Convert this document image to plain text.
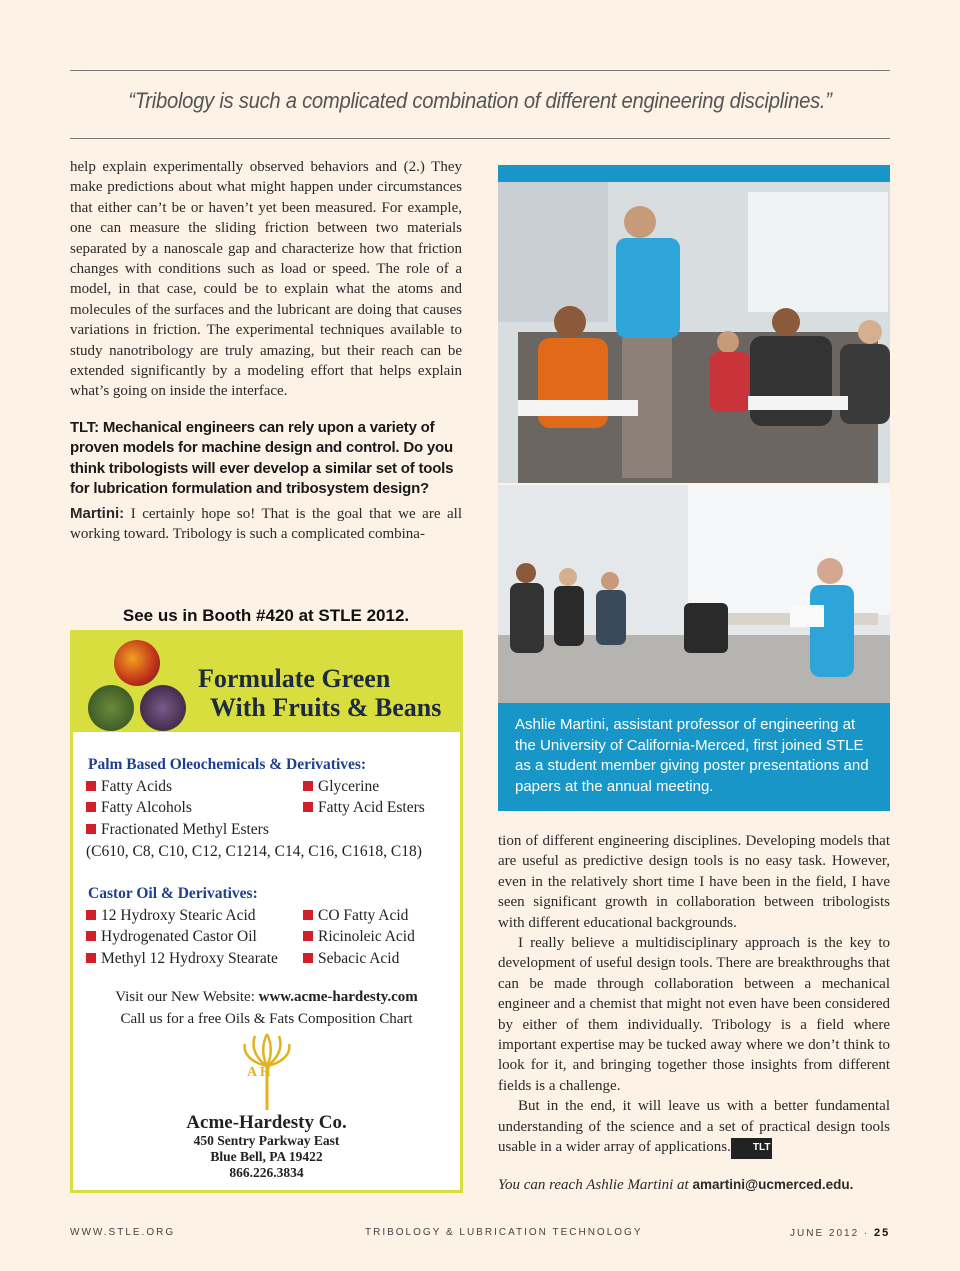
“Tribology is such a complicated combination of different engineering disciplines.”

help explain experimentally observed behaviors and (2.) They make predictions about what might happen under circumstances that either can’t be or haven’t yet been measured. For example, one can measure the sliding friction between two materials separated by a nanoscale gap and characterize how that friction changes with conditions such as load or speed. The role of a model, in that case, could be to explain what the atoms and molecules of the surfaces and the lubricant are doing that causes variations in friction. The experimental techniques available to study nanotribology are truly amazing, but their reach can be extended significantly by a modeling effort that helps explain what’s going on inside the interface.

TLT: Mechanical engineers can rely upon a variety of proven models for machine design and control. Do you think tribologists will ever develop a similar set of tools for lubrication formulation and tribosystem design?

Martini: I certainly hope so! That is the goal that we are all working toward. Tribology is such a complicated combina-

See us in Booth #420 at STLE 2012.
Formulate Green
With Fruits & Beans
Palm Based Oleochemicals & Derivatives:
Fatty Acids
Fatty Alcohols
Fractionated Methyl Esters
Glycerine
Fatty Acid Esters
(C610, C8, C10, C12, C1214, C14, C16, C1618, C18)
Castor Oil & Derivatives:
12 Hydroxy Stearic Acid
Hydrogenated Castor Oil
Methyl 12 Hydroxy Stearate
CO Fatty Acid
Ricinoleic Acid
Sebacic Acid
Visit our New Website: www.acme-hardesty.com
Call us for a free Oils & Fats Composition Chart
A H
Acme-Hardesty Co.
450 Sentry Parkway East
Blue Bell, PA 19422
866.226.3834
Ashlie Martini, assistant professor of engineering at the University of California-Merced, first joined STLE as a student member giving poster presentations and papers at the annual meeting.

tion of different engineering disciplines. Developing models that are useful as predictive design tools is no easy task. However, even in the relatively short time I have been in the field, I have seen significant growth in collaboration between tribologists with different educational backgrounds.

I really believe a multidisciplinary approach is the key to development of useful design tools. There are breakthroughs that can be made through collaboration between a mechanical engineer and a chemist that might not even have been considered by either of them individually. Tribology is a field where important expertise may be tucked away where we don’t think to look for it, and bringing together those insights from different fields is a challenge.

But in the end, it will leave us with a better fundamental understanding of the science and a set of practical design tools usable in a wider array of applications. TLT

You can reach Ashlie Martini at amartini@ucmerced.edu.

WWW.STLE.ORG	TRIBOLOGY & LUBRICATION TECHNOLOGY	JUNE 2012 · 25
